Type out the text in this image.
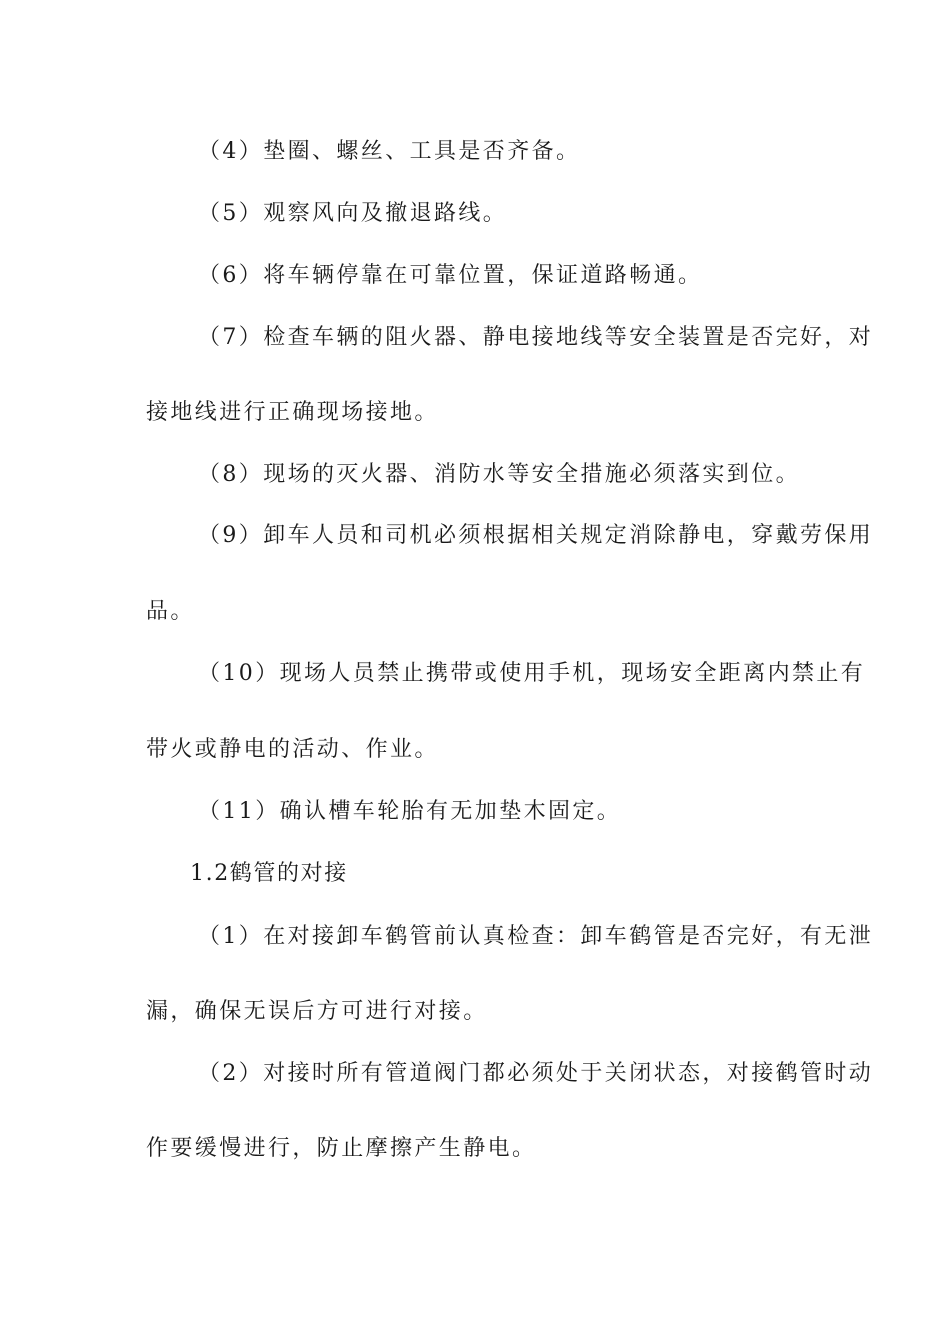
（4）垫圈、螺丝、工具是否齐备。
（5）观察风向及撤退路线。
（6）将车辆停靠在可靠位置，保证道路畅通。
（7）检查车辆的阻火器、静电接地线等安全装置是否完好，对
接地线进行正确现场接地。
（8）现场的灭火器、消防水等安全措施必须落实到位。
（9）卸车人员和司机必须根据相关规定消除静电，穿戴劳保用
品。
（10）现场人员禁止携带或使用手机，现场安全距离内禁止有
带火或静电的活动、作业。
（11）确认槽车轮胎有无加垫木固定。
1.2鹤管的对接
（1）在对接卸车鹤管前认真检查：卸车鹤管是否完好，有无泄
漏，确保无误后方可进行对接。
（2）对接时所有管道阀门都必须处于关闭状态，对接鹤管时动
作要缓慢进行，防止摩擦产生静电。
